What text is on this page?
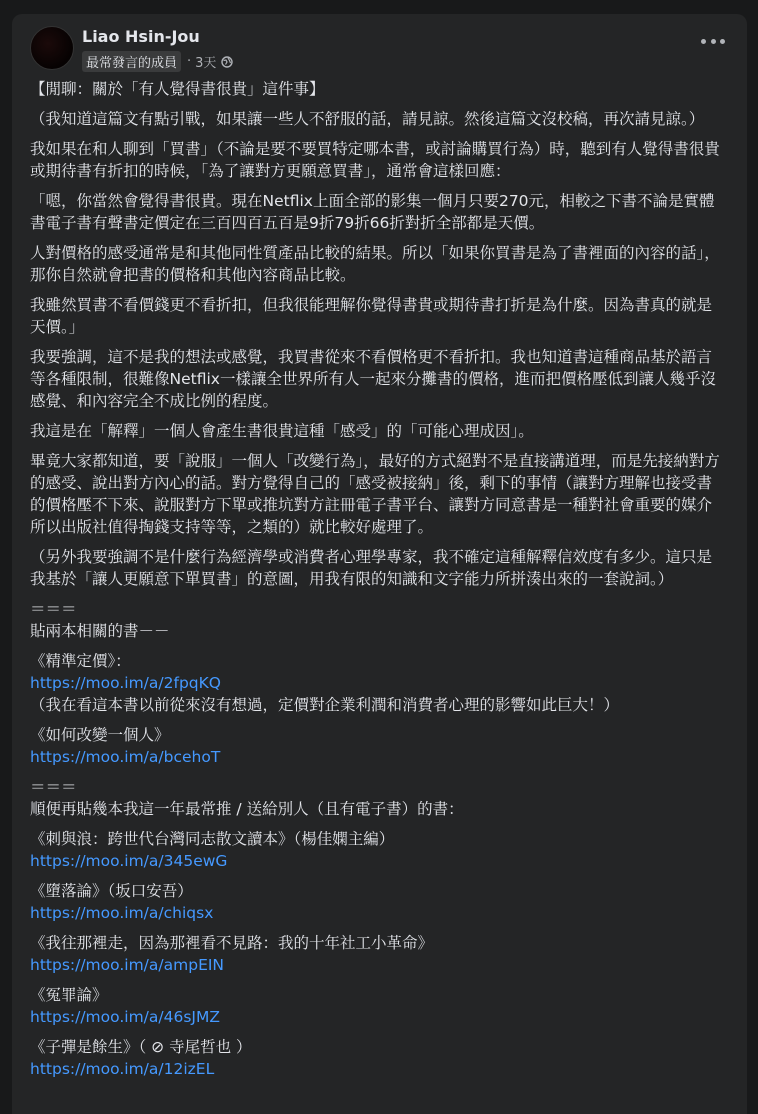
Liao Hsin-Jou
最常發言的成員 · 3天
【閒聊：關於「有人覺得書很貴」這件事】
（我知道這篇文有點引戰，如果讓一些人不舒服的話，請見諒。然後這篇文沒校稿，再次請見諒。）
我如果在和人聊到「買書」（不論是要不要買特定哪本書，或討論購買行為）時，聽到有人覺得書很貴或期待書有折扣的時候，「為了讓對方更願意買書」，通常會這樣回應：
「嗯，你當然會覺得書很貴。現在Netflix上面全部的影集一個月只要270元，相較之下書不論是實體書電子書有聲書定價定在三百四百五百是9折79折66折對折全部都是天價。
人對價格的感受通常是和其他同性質產品比較的結果。所以「如果你買書是為了書裡面的內容的話」，那你自然就會把書的價格和其他內容商品比較。
我雖然買書不看價錢更不看折扣，但我很能理解你覺得書貴或期待書打折是為什麼。因為書真的就是天價。」
我要強調，這不是我的想法或感覺，我買書從來不看價格更不看折扣。我也知道書這種商品基於語言等各種限制，很難像Netflix一樣讓全世界所有人一起來分攤書的價格，進而把價格壓低到讓人幾乎沒感覺、和內容完全不成比例的程度。
我這是在「解釋」一個人會產生書很貴這種「感受」的「可能心理成因」。
畢竟大家都知道，要「說服」一個人「改變行為」，最好的方式絕對不是直接講道理，而是先接納對方的感受、說出對方內心的話。對方覺得自己的「感受被接納」後，剩下的事情（讓對方理解也接受書的價格壓不下來、說服對方下單或推坑對方註冊電子書平台、讓對方同意書是一種對社會重要的媒介所以出版社值得掏錢支持等等，之類的）就比較好處理了。
（另外我要強調不是什麼行為經濟學或消費者心理學專家，我不確定這種解釋信效度有多少。這只是我基於「讓人更願意下單買書」的意圖，用我有限的知識和文字能力所拼湊出來的一套說詞。）
＝＝＝
貼兩本相關的書－－
《精準定價》：
https://moo.im/a/2fpqKQ
（我在看這本書以前從來沒有想過，定價對企業利潤和消費者心理的影響如此巨大！）
《如何改變一個人》
https://moo.im/a/bcehoT
＝＝＝
順便再貼幾本我這一年最常推 / 送給別人（且有電子書）的書：
《刺與浪：跨世代台灣同志散文讀本》（楊佳嫻主編）
https://moo.im/a/345ewG
《墮落論》（坂口安吾）
https://moo.im/a/chiqsx
《我往那裡走，因為那裡看不見路：我的十年社工小革命》
https://moo.im/a/ampEIN
《冤罪論》
https://moo.im/a/46sJMZ
《子彈是餘生》（ ⊘ 寺尾哲也 ）
https://moo.im/a/12izEL
